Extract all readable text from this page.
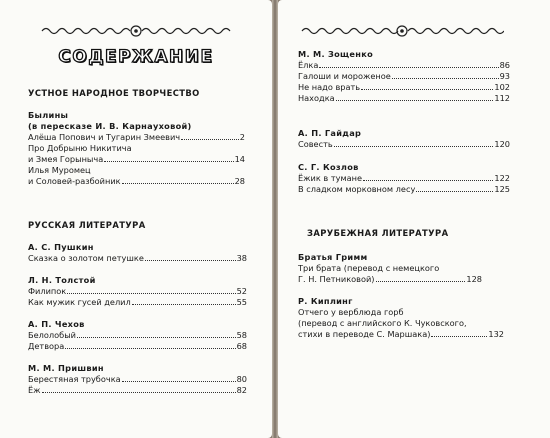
СОДЕРЖАНИЕ
УСТНОЕ НАРОДНОЕ ТВОРЧЕСТВО
Былины
(в пересказе И. В. Карнауховой)
Алёша Попович и Тугарин Змеевич	2
Про Добрыню Никитича
и Змея Горыныча	14
Илья Муромец
и Соловей-разбойник	28
РУССКАЯ ЛИТЕРАТУРА
А. С. Пушкин
Сказка о золотом петушке	38
Л. Н. Толстой
Филипок	52
Как мужик гусей делил	55
А. П. Чехов
Белолобый	58
Детвора	68
М. М. Пришвин
Берестяная трубочка	80
Ёж	82
М. М. Зощенко
Ёлка	86
Галоши и мороженое	93
Не надо врать	102
Находка	112
А. П. Гайдар
Совесть	120
С. Г. Козлов
Ёжик в тумане	122
В сладком морковном лесу	125
ЗАРУБЕЖНАЯ ЛИТЕРАТУРА
Братья Гримм
Три брата (перевод с немецкого
Г. Н. Петниковой)	128
Р. Киплинг
Отчего у верблюда горб
(перевод с английского К. Чуковского,
стихи в переводе С. Маршака)	132
